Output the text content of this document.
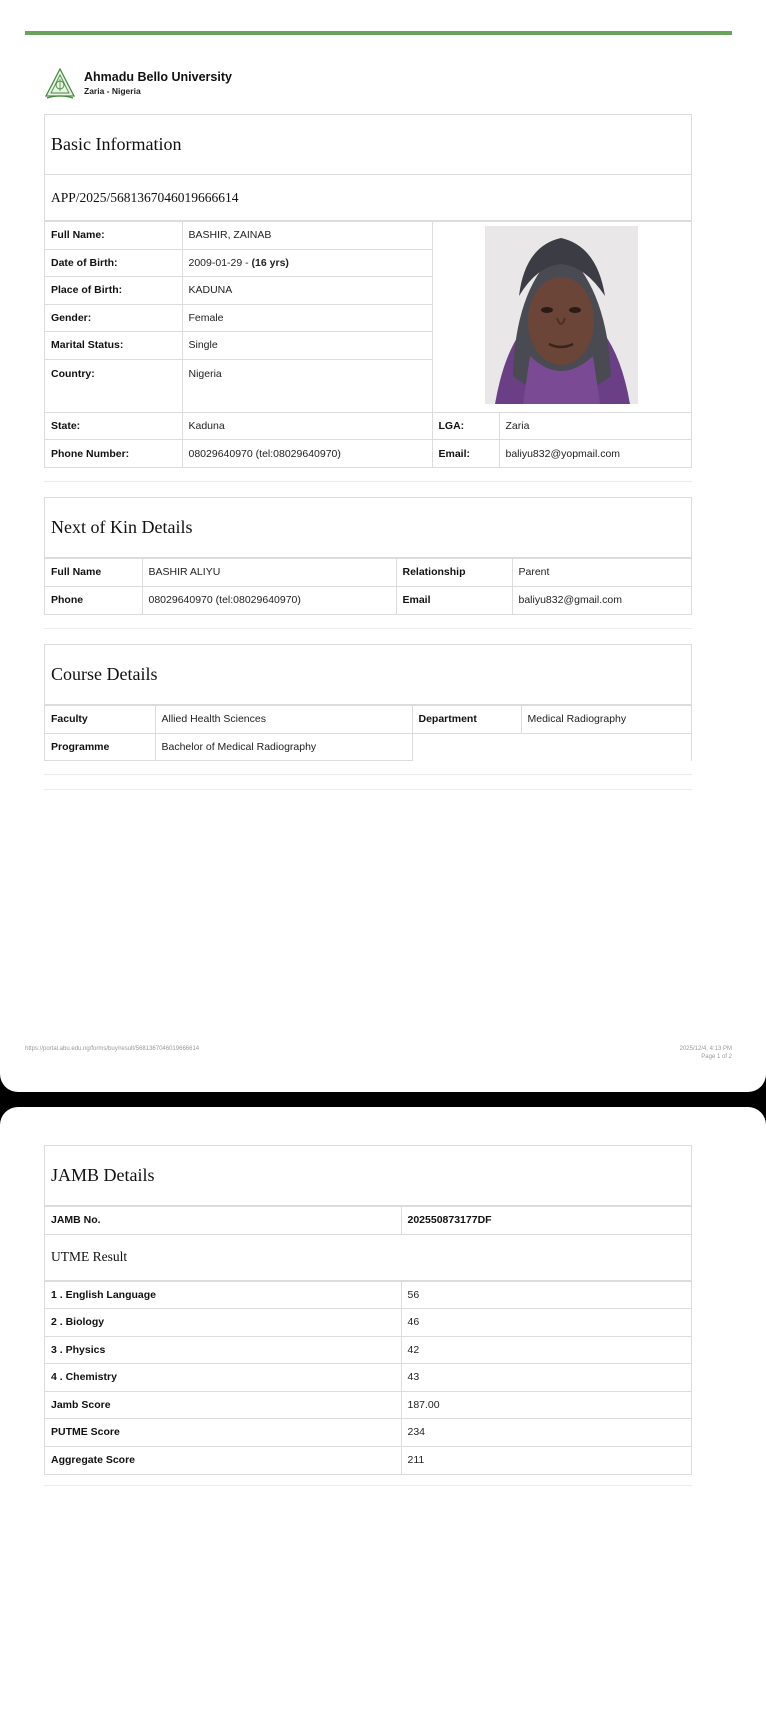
Ahmadu Bello University
Zaria - Nigeria
Basic Information
APP/2025/5681367046019666614
Full Name:	BASHIR, ZAINAB	
Date of Birth:	2009-01-29 - (16 yrs)		
Place of Birth:	KADUNA		
Gender:	Female		
Marital Status:	Single		
Country:	Nigeria		
State:	Kaduna	LGA:	Zaria
Phone Number:	08029640970 (tel:08029640970)	Email:	baliyu832@yopmail.com
Next of Kin Details
Full Name	BASHIR ALIYU	Relationship	Parent
Phone	08029640970 (tel:08029640970)	Email	baliyu832@gmail.com
Course Details
Faculty	Allied Health Sciences	Department	Medical Radiography
Programme	Bachelor of Medical Radiography		
https://portal.abu.edu.ng/forms/buy/result/5681367046019666614	2025/12/4, 4:13 PM
Page 1 of 2
JAMB Details
JAMB No.	202550873177DF
UTME Result
1 . English Language	56
2 . Biology	46
3 . Physics	42
4 . Chemistry	43
Jamb Score	187.00
PUTME Score	234
Aggregate Score	211
